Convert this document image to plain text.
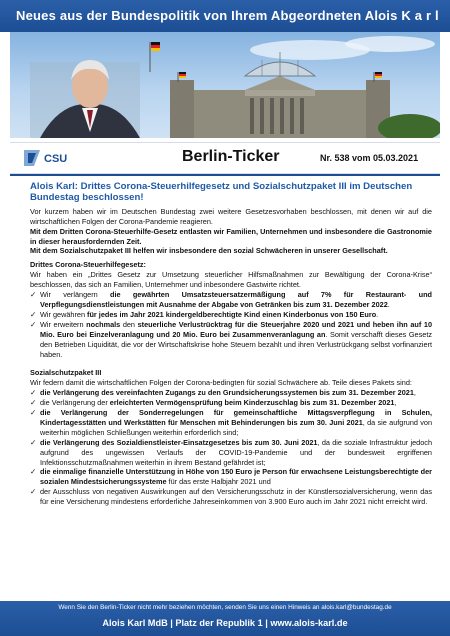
Neues aus der Bundespolitik von Ihrem Abgeordneten Alois K a r l
CSU	Berlin-Ticker	Nr. 538 vom 05.03.2021
Alois Karl: Drittes Corona-Steuerhilfegesetz und Sozialschutzpaket III im Deutschen Bundestag beschlossen!

Vor kurzem haben wir im Deutschen Bundestag zwei weitere Gesetzesvorhaben beschlossen, mit denen wir auf die wirtschaftlichen Folgen der Corona-Pandemie reagieren.

Mit dem Dritten Corona-Steuerhilfe-Gesetz entlasten wir Familien, Unternehmen und insbesondere die Gastronomie in dieser herausfordernden Zeit.

Mit dem Sozialschutzpaket III helfen wir insbesondere den sozial Schwächeren in unserer Gesellschaft.

Drittes Corona-Steuerhilfegesetz:

Wir haben ein „Drittes Gesetz zur Umsetzung steuerlicher Hilfsmaßnahmen zur Bewältigung der Corona-Krise“ beschlossen, das sich an Familien, Unternehmer und inbesondere Gastwirte richtet.

✓ Wir verlängern die gewährten Umsatzsteuersatzermäßigung auf 7% für Restaurant- und Verpflegungsdienstleistungen mit Ausnahme der Abgabe von Getränken bis zum 31. Dezember 2022.
✓ Wir gewähren für jedes im Jahr 2021 kindergeldberechtigte Kind einen Kinderbonus von 150 Euro.
✓ Wir erweitern nochmals den steuerliche Verlustrücktrag für die Steuerjahre 2020 und 2021 und heben ihn auf 10 Mio. Euro bei Einzelveranlagung und 20 Mio. Euro bei Zusammenveranlagung an. Somit verschafft dieses Gesetz den Betrieben Liquidität, die vor der Wirtschaftskrise hohe Steuern bezahlt und ihren Verlustrückgang selbst vorfinanziert haben.
Sozialschutzpaket III

Wir federn damit die wirtschaftlichen Folgen der Corona-bedingten für sozial Schwächere ab. Teile dieses Pakets sind:

✓ die Verlängerung des vereinfachten Zugangs zu den Grundsicherungssystemen bis zum 31. Dezember 2021,
✓ die Verlängerung der erleichterten Vermögensprüfung beim Kinderzuschlag bis zum 31. Dezember 2021,
✓ die Verlängerung der Sonderregelungen für gemeinschaftliche Mittagsverpflegung in Schulen, Kindertagesstätten und Werkstätten für Menschen mit Behinderungen bis zum 30. Juni 2021, da sie aufgrund von weiterhin möglichen Schließungen weiterhin erforderlich sind;
✓ die Verlängerung des Sozialdienstleister-Einsatzgesetzes bis zum 30. Juni 2021, da die soziale Infrastruktur jedoch aufgrund des ungewissen Verlaufs der COVID-19-Pandemie und der bundesweit ergriffenen Infektionsschutzmaßnahmen weiterhin in ihrem Bestand gefährdet ist;
✓ die einmalige finanzielle Unterstützung in Höhe von 150 Euro je Person für erwachsene Leistungsberechtigte der sozialen Mindestsicherungssysteme für das erste Halbjahr 2021 und
✓ der Ausschluss von negativen Auswirkungen auf den Versicherungsschutz in der Künstlersozialversicherung, wenn das für eine Versicherung mindestens erforderliche Jahreseinkommen von 3.900 Euro auch im Jahr 2021 nicht erreicht wird.
Wenn Sie den Berlin-Ticker nicht mehr beziehen möchten, senden Sie uns einen Hinweis an alois.karl@bundestag.de
Alois Karl MdB | Platz der Republik 1 | www.alois-karl.de
